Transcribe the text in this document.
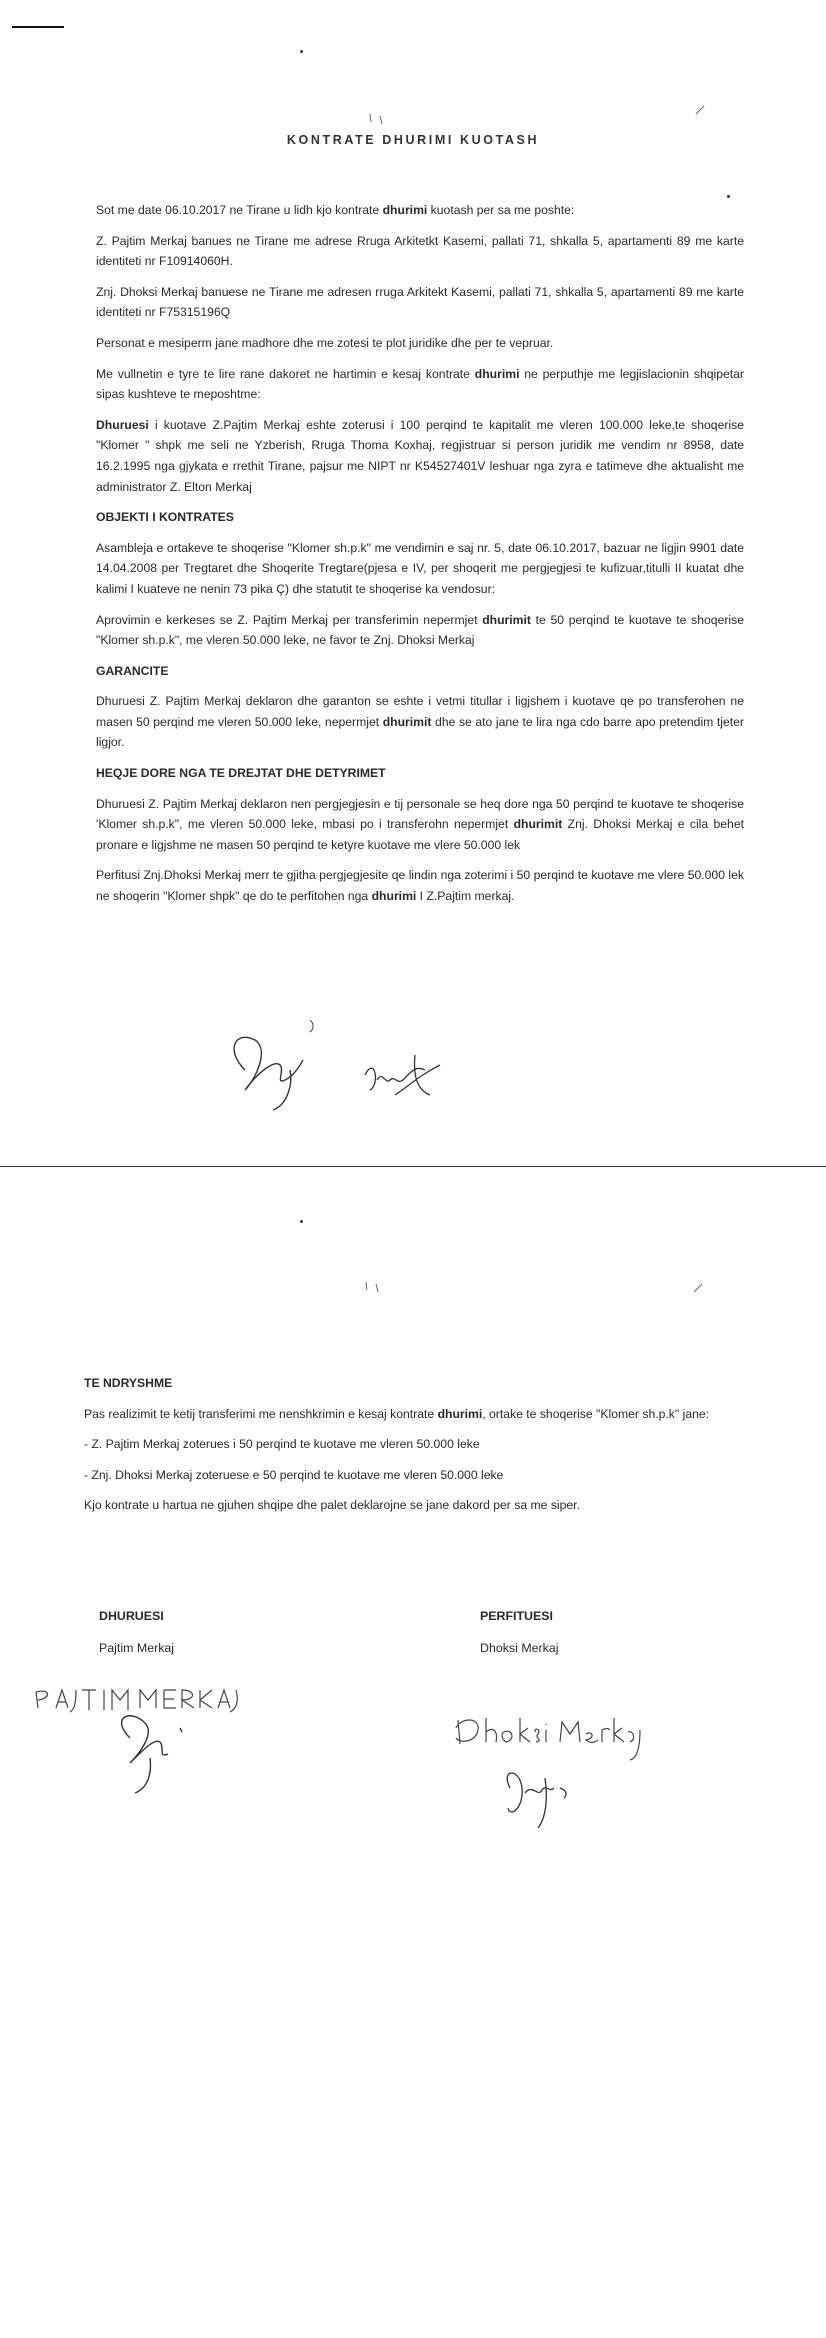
KONTRATE DHURIMI KUOTASH

Sot me date 06.10.2017 ne Tirane u lidh kjo kontrate dhurimi kuotash per sa me poshte:

Z. Pajtim Merkaj banues ne Tirane me adrese Rruga Arkitetkt Kasemi, pallati 71, shkalla 5, apartamenti 89 me karte identiteti nr F10914060H.

Znj. Dhoksi Merkaj banuese ne Tirane me adresen rruga Arkitekt Kasemi, pallati 71, shkalla 5, apartamenti 89 me karte identiteti nr F75315196Q

Personat e mesiperm jane madhore dhe me zotesi te plot juridike dhe per te vepruar.

Me vullnetin e tyre te lire rane dakoret ne hartimin e kesaj kontrate dhurimi ne perputhje me legjislacionin shqipetar sipas kushteve te meposhtme:

Dhuruesi i kuotave Z.Pajtim Merkaj eshte zoterusi i 100 perqind te kapitalit me vleren 100.000 leke,te shoqerise "Klomer " shpk me seli ne Yzberish, Rruga Thoma Koxhaj, regjistruar si person juridik me vendim nr 8958, date 16.2.1995 nga gjykata e rrethit Tirane, pajsur me NIPT nr K54527401V leshuar nga zyra e tatimeve dhe aktualisht me administrator Z. Elton Merkaj

OBJEKTI I KONTRATES

Asambleja e ortakeve te shoqerise "Klomer sh.p.k" me vendimin e saj nr. 5, date 06.10.2017, bazuar ne ligjin 9901 date 14.04.2008 per Tregtaret dhe Shoqerite Tregtare(pjesa e IV, per shoqerit me pergjegjesi te kufizuar,titulli II kuatat dhe kalimi I kuateve ne nenin 73 pika Ç) dhe statutit te shoqerise ka vendosur:

Aprovimin e kerkeses se Z. Pajtim Merkaj per transferimin nepermjet dhurimit te 50 perqind te kuotave te shoqerise "Klomer sh.p.k", me vleren 50.000 leke, ne favor te Znj. Dhoksi Merkaj

GARANCITE

Dhuruesi Z. Pajtim Merkaj deklaron dhe garanton se eshte i vetmi titullar i ligjshem i kuotave qe po transferohen ne masen 50 perqind me vleren 50.000 leke, nepermjet dhurimit dhe se ato jane te lira nga cdo barre apo pretendim tjeter ligjor.

HEQJE DORE NGA TE DREJTAT DHE DETYRIMET

Dhuruesi Z. Pajtim Merkaj deklaron nen pergjegjesin e tij personale se heq dore nga 50 perqind te kuotave te shoqerise 'Klomer sh.p.k", me vleren 50.000 leke, mbasi po i transferohn nepermjet dhurimit Znj. Dhoksi Merkaj e cila behet pronare e ligjshme ne masen 50 perqind te ketyre kuotave me vlere 50.000 lek

Perfitusi Znj.Dhoksi Merkaj merr te gjitha pergjegjesite qe lindin nga zoterimi i 50 perqind te kuotave me vlere 50.000 lek ne shoqerin "Klomer shpk" qe do te perfitohen nga dhurimi I Z.Pajtim merkaj.

TE NDRYSHME

Pas realizimit te ketij transferimi me nenshkrimin e kesaj kontrate dhurimi, ortake te shoqerise "Klomer sh.p.k" jane:

- Z. Pajtim Merkaj zoterues i 50 perqind te kuotave me vleren 50.000 leke

- Znj. Dhoksi Merkaj zoteruese e 50 perqind te kuotave me vleren 50.000 leke

Kjo kontrate u hartua ne gjuhen shqipe dhe palet deklarojne se jane dakord per sa me siper.

DHURUESI
Pajtim Merkaj
PERFITUESI
Dhoksi Merkaj
